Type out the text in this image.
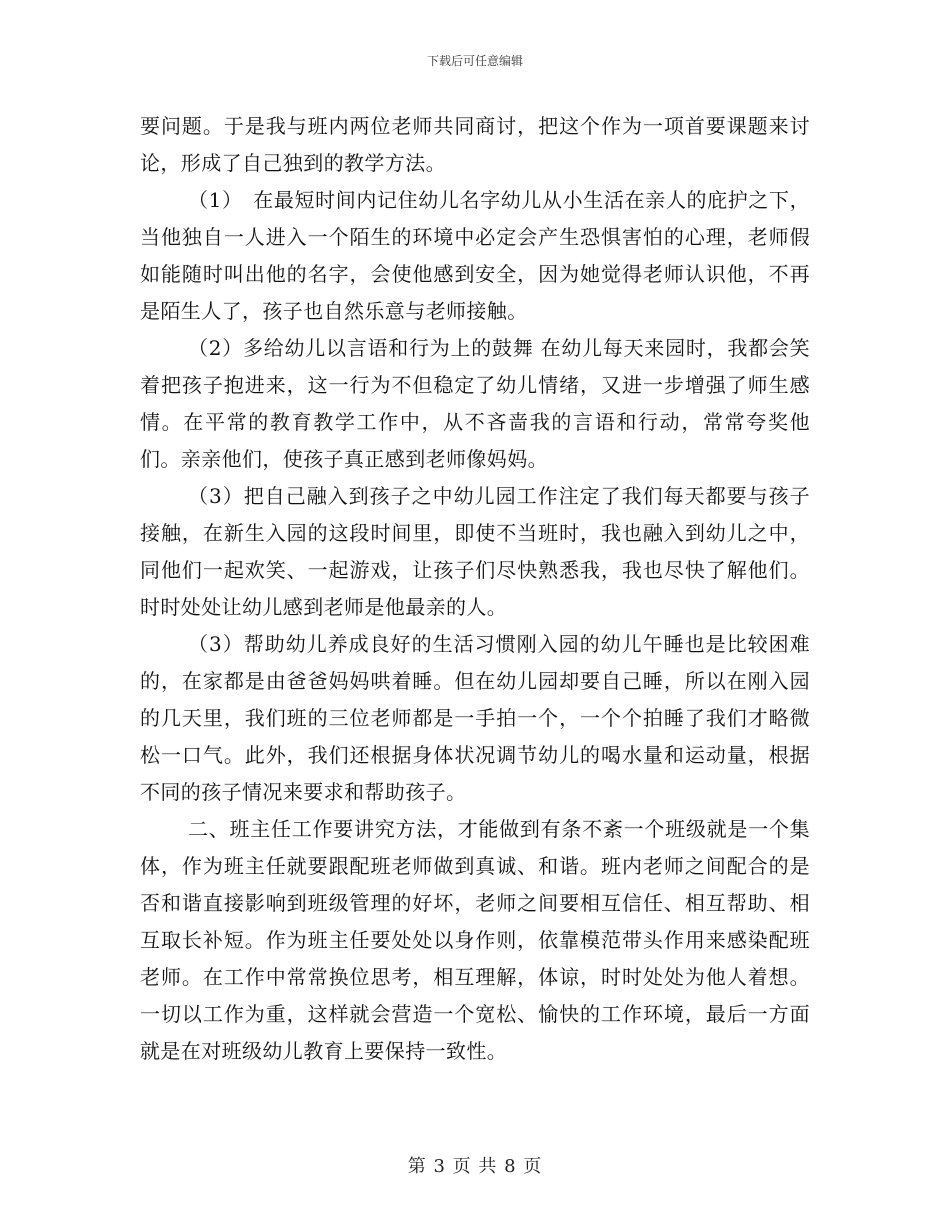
下载后可任意编辑

要问题。于是我与班内两位老师共同商讨，把这个作为一项首要课题来讨论，形成了自己独到的教学方法。

（1）　在最短时间内记住幼儿名字幼儿从小生活在亲人的庇护之下，当他独自一人进入一个陌生的环境中必定会产生恐惧害怕的心理，老师假如能随时叫出他的名字，会使他感到安全，因为她觉得老师认识他，不再是陌生人了，孩子也自然乐意与老师接触。

（2）多给幼儿以言语和行为上的鼓舞 在幼儿每天来园时，我都会笑着把孩子抱进来，这一行为不但稳定了幼儿情绪，又进一步增强了师生感情。在平常的教育教学工作中，从不吝啬我的言语和行动，常常夸奖他们。亲亲他们，使孩子真正感到老师像妈妈。

（3）把自己融入到孩子之中幼儿园工作注定了我们每天都要与孩子接触，在新生入园的这段时间里，即使不当班时，我也融入到幼儿之中，同他们一起欢笑、一起游戏，让孩子们尽快熟悉我，我也尽快了解他们。时时处处让幼儿感到老师是他最亲的人。

（3）帮助幼儿养成良好的生活习惯刚入园的幼儿午睡也是比较困难的，在家都是由爸爸妈妈哄着睡。但在幼儿园却要自己睡，所以在刚入园的几天里，我们班的三位老师都是一手拍一个，一个个拍睡了我们才略微松一口气。此外，我们还根据身体状况调节幼儿的喝水量和运动量，根据不同的孩子情况来要求和帮助孩子。

二、班主任工作要讲究方法，才能做到有条不紊一个班级就是一个集体，作为班主任就要跟配班老师做到真诚、和谐。班内老师之间配合的是否和谐直接影响到班级管理的好坏，老师之间要相互信任、相互帮助、相互取长补短。作为班主任要处处以身作则，依靠模范带头作用来感染配班老师。在工作中常常换位思考，相互理解，体谅，时时处处为他人着想。一切以工作为重，这样就会营造一个宽松、愉快的工作环境，最后一方面就是在对班级幼儿教育上要保持一致性。

第 3 页 共 8 页
